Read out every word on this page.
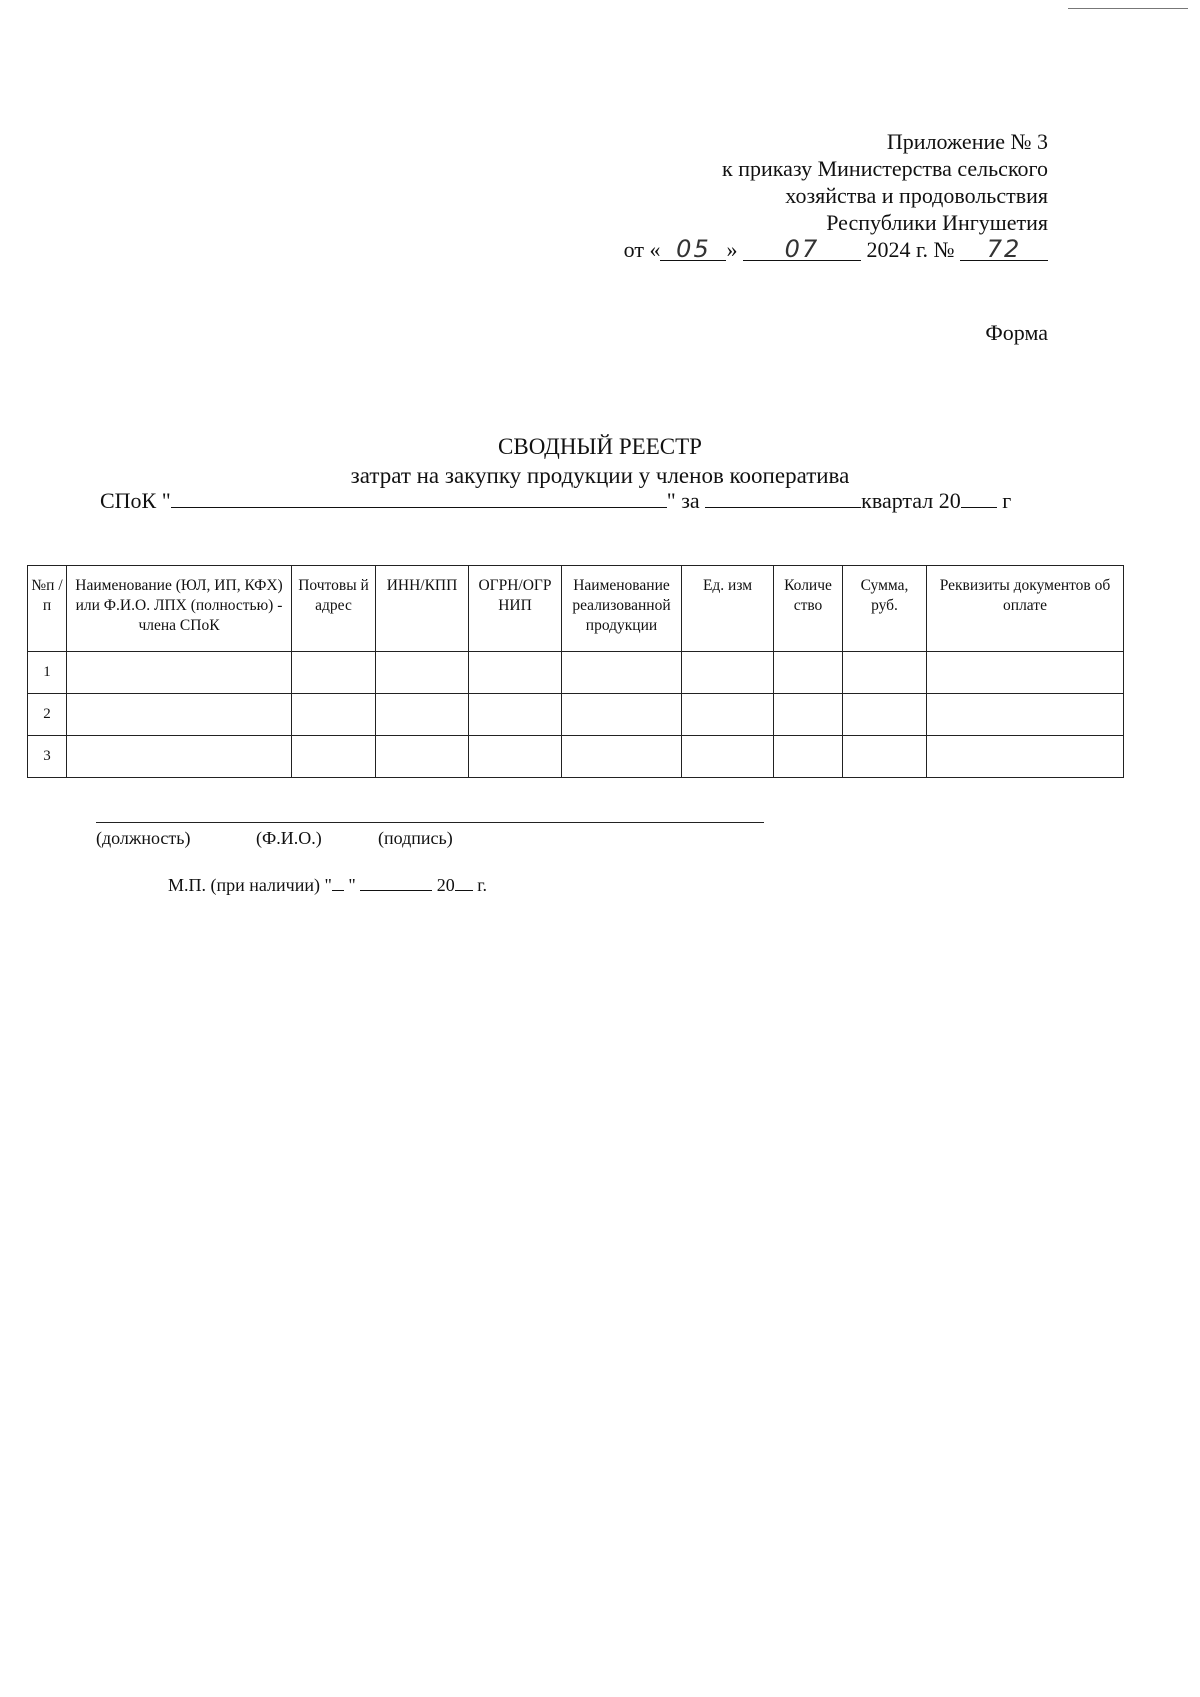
Приложение № 3
к приказу Министерства сельского
хозяйства и продовольствия
Республики Ингушетия
от « 05 » 07 2024 г. № 72
Форма
СВОДНЫЙ РЕЕСТР
затрат на закупку продукции у членов кооператива
СПоК "	" за	квартал 20 г
№п /п	Наименование (ЮЛ, ИП, КФХ) или Ф.И.О. ЛПХ (полностью) - члена СПоК	Почтовы й адрес	ИНН/КПП	ОГРН/ОГР НИП	Наименование реализованной продукции	Ед. изм	Количе ство	Сумма, руб.	Реквизиты документов об оплате
1									
2									
3									
(должность)	(Ф.И.О.)	(подпись)
М.П. (при наличии) " "	20 г.
